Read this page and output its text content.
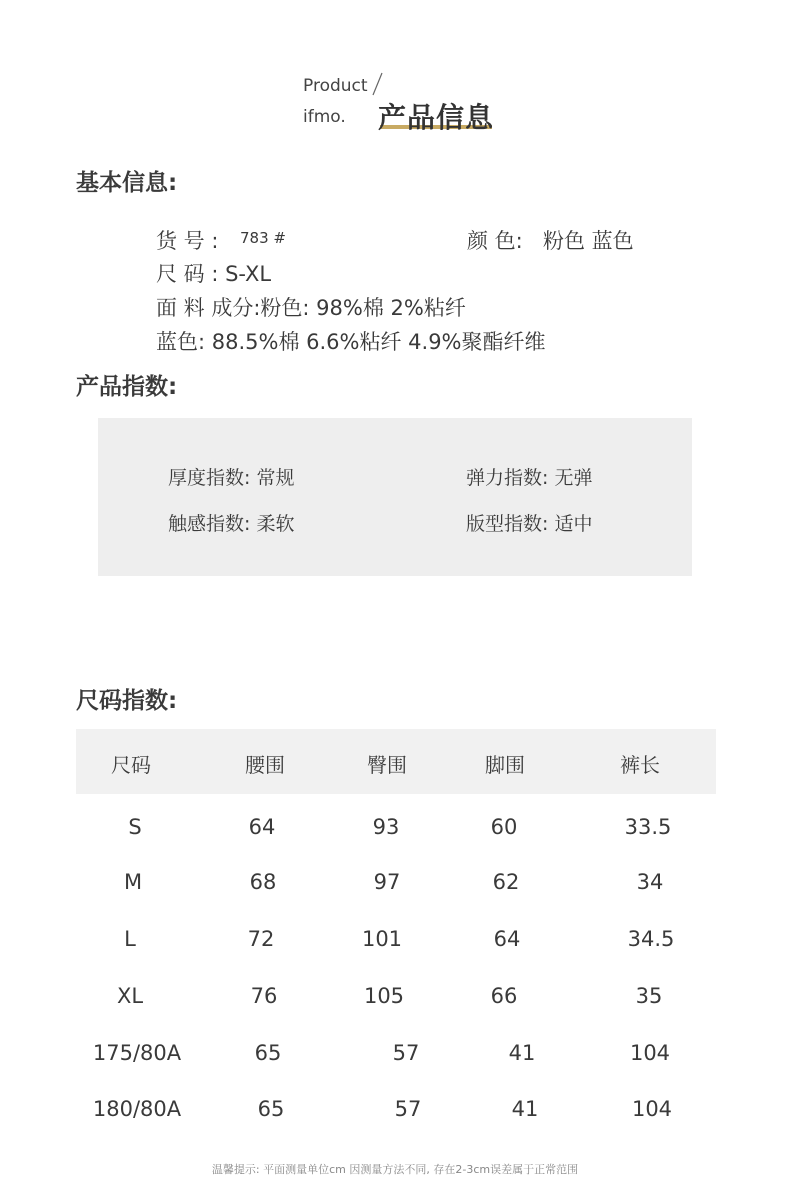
Product
ifmo. 产品信息
基本信息:
货 号 : 783 #	颜 色: 粉色 蓝色
尺 码 : S-XL
面 料 成分:粉色: 98%棉 2%粘纤
蓝色: 88.5%棉 6.6%粘纤 4.9%聚酯纤维
产品指数:
厚度指数: 常规	弹力指数: 无弹
触感指数: 柔软	版型指数: 适中
尺码指数:
尺码	腰围	臀围	脚围	裤长
S	64	93	60	33.5
M	68	97	62	34
L	72	101	64	34.5
XL	76	105	66	35
175/80A	65	57	41	104
180/80A	65	57	41	104
温馨提示: 平面测量单位cm 因测量方法不同, 存在2-3cm误差属于正常范围
